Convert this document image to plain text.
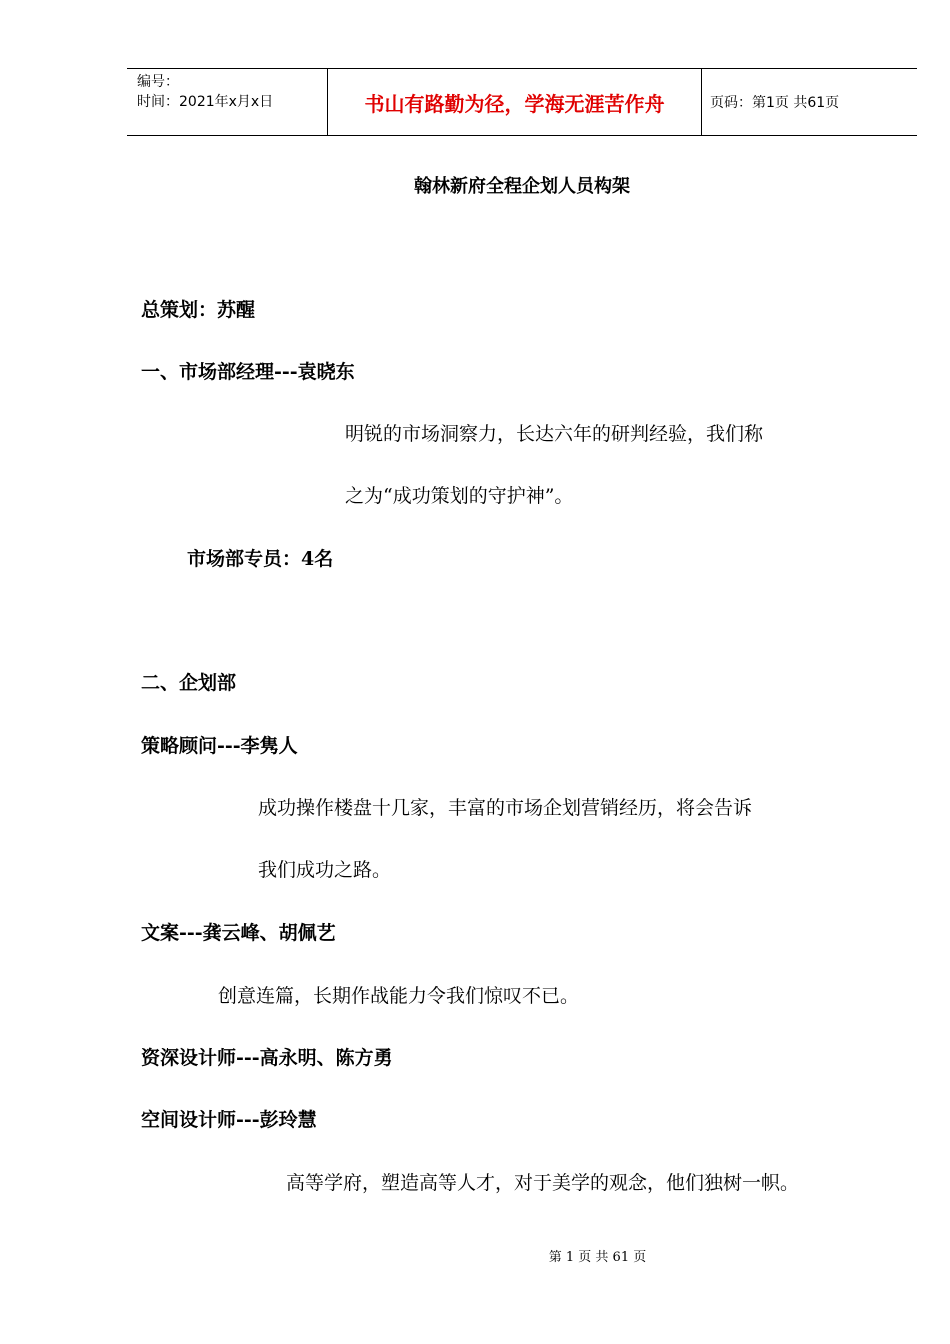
编号：
时间：2021年x月x日	书山有路勤为径，学海无涯苦作舟	页码：第1页 共61页
翰林新府全程企划人员构架
总策划：苏醒
一、市场部经理---袁晓东
明锐的市场洞察力，长达六年的研判经验，我们称
之为“成功策划的守护神”。
市场部专员：4名
二、企划部
策略顾问---李隽人
成功操作楼盘十几家，丰富的市场企划营销经历，将会告诉
我们成功之路。
文案---龚云峰、胡佩艺
创意连篇，长期作战能力令我们惊叹不已。
资深设计师---高永明、陈方勇
空间设计师---彭玲慧
高等学府，塑造高等人才，对于美学的观念，他们独树一帜。
第 1 页 共 61 页
